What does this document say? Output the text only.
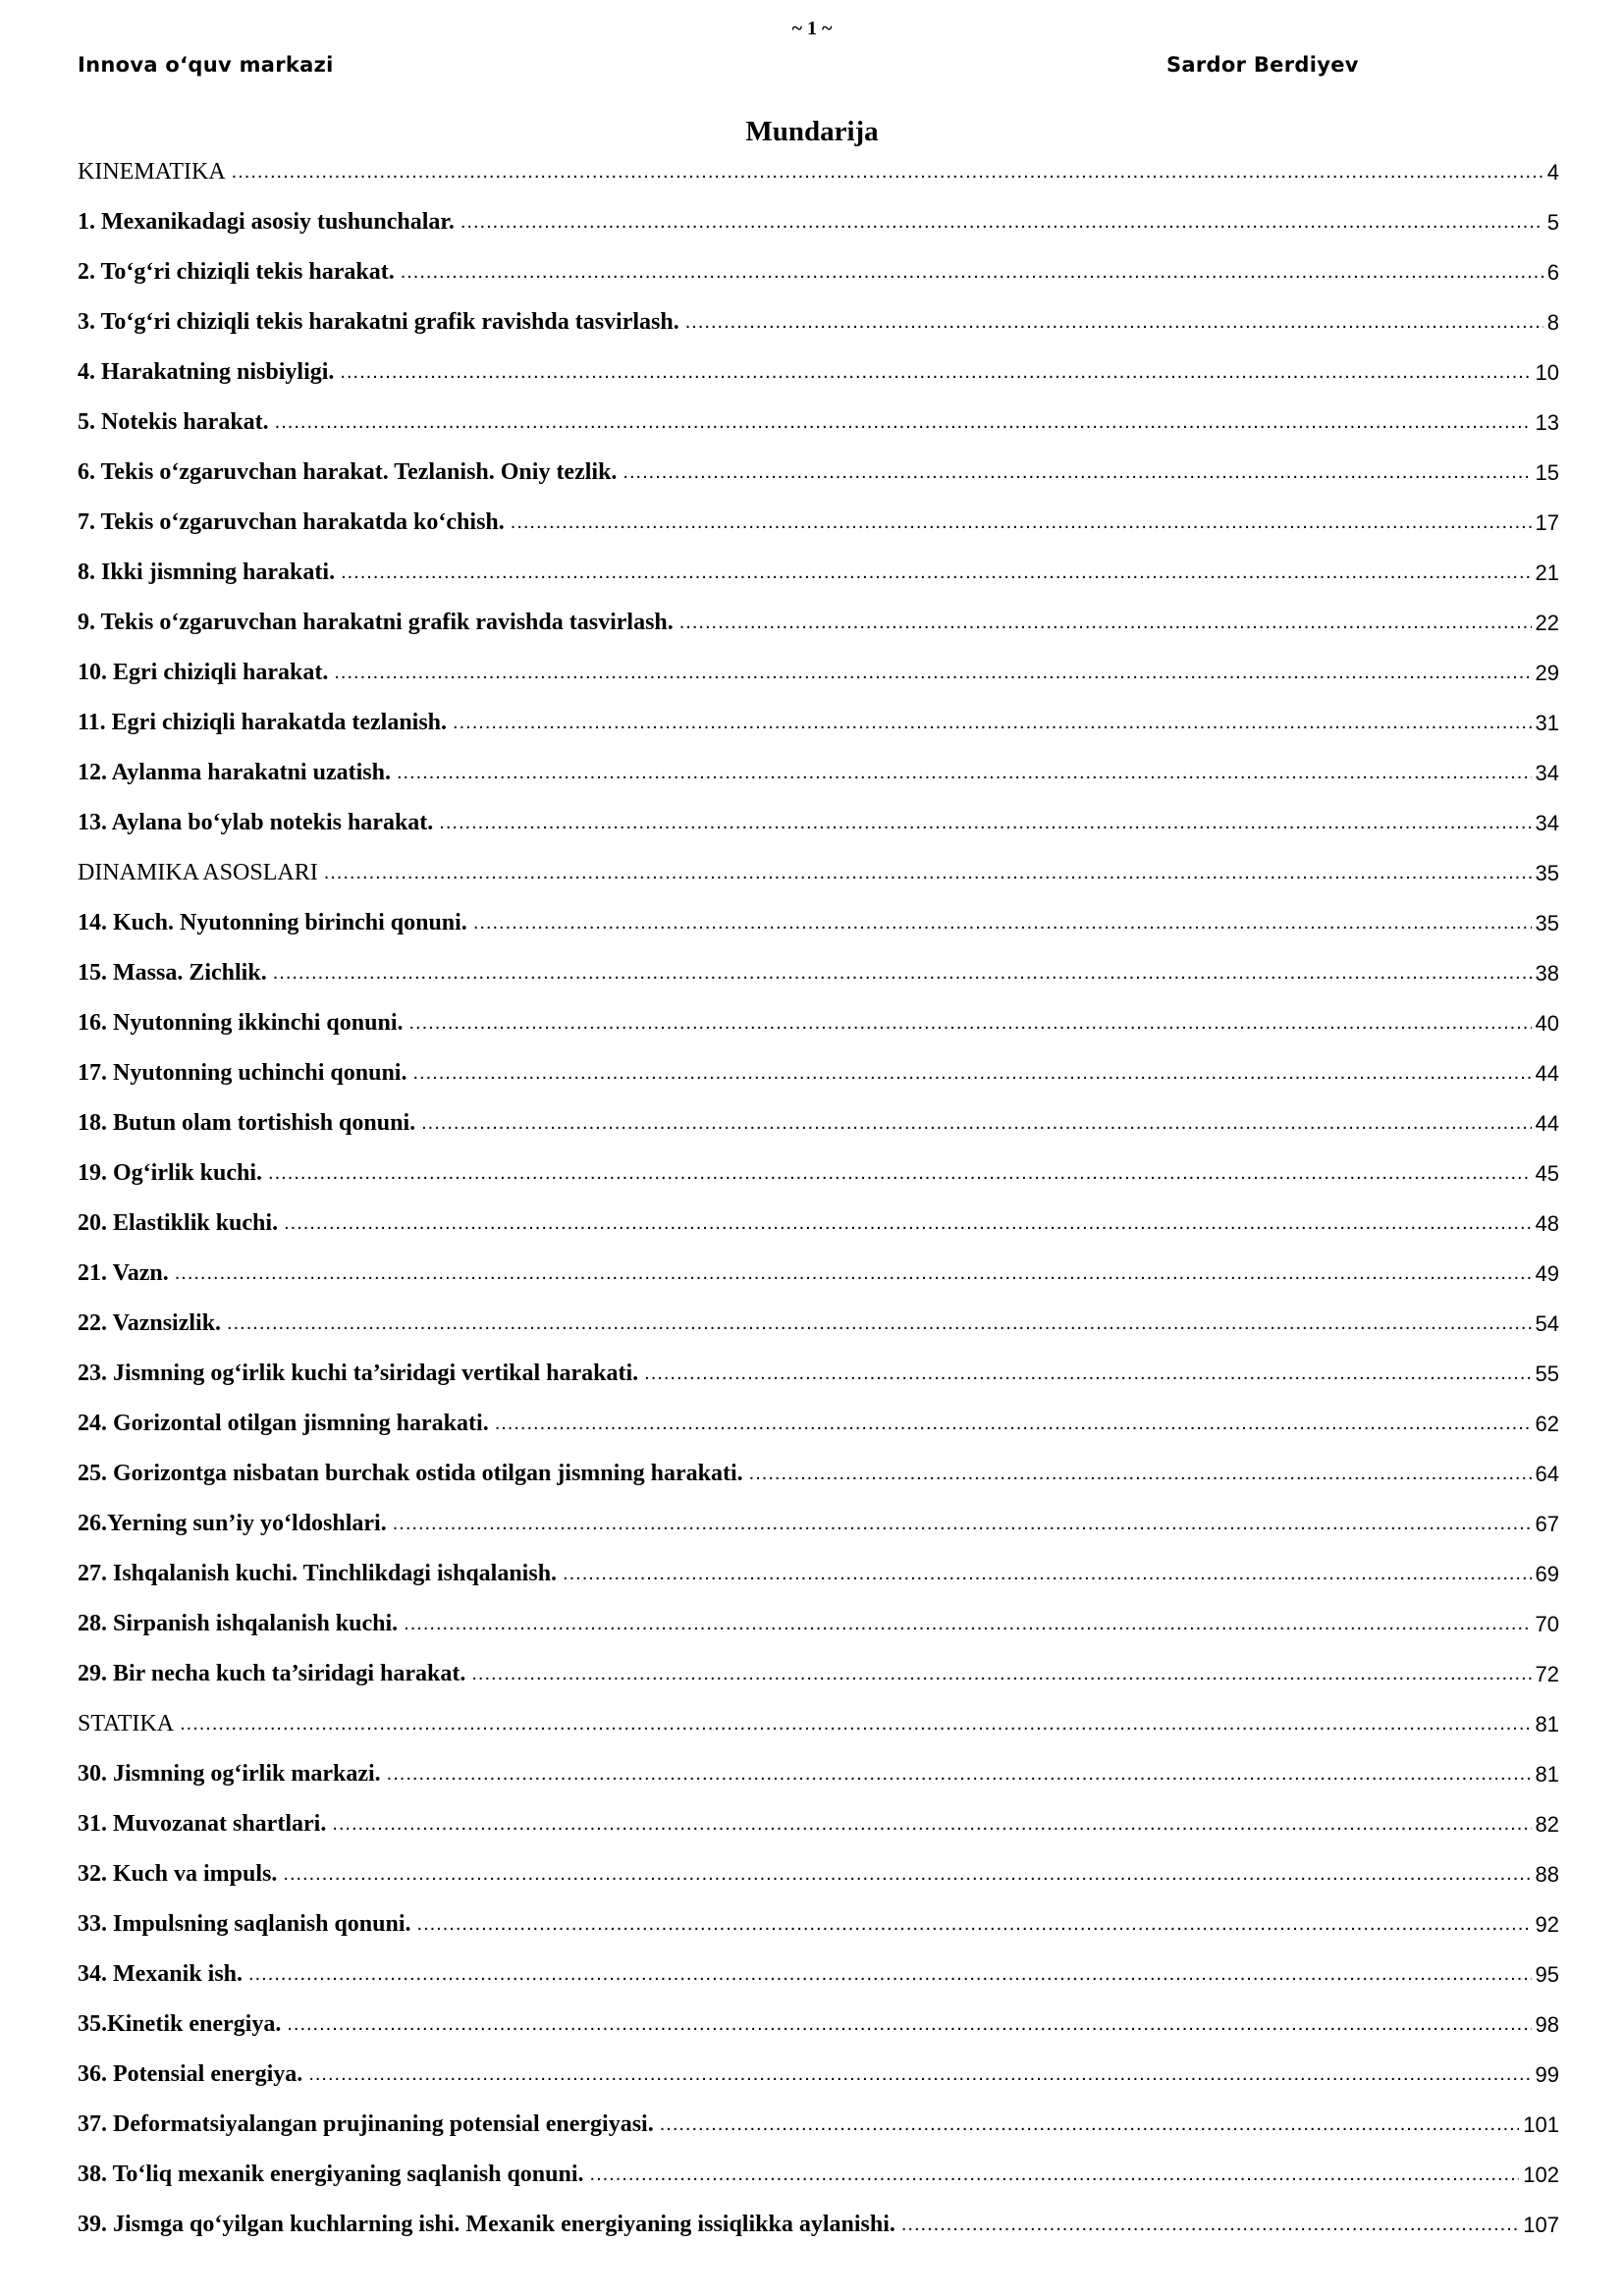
~ 1 ~
Innova o‘quv markazi	Sardor Berdiyev
Mundarija
KINEMATIKA .....	4
1. Mexanikadagi asosiy tushunchalar. .....	5
2. To‘g‘ri chiziqli tekis harakat. .....	6
3. To‘g‘ri chiziqli tekis harakatni grafik ravishda tasvirlash. .....	8
4. Harakatning nisbiyligi. .....	10
5. Notekis harakat. .....	13
6. Tekis o‘zgaruvchan harakat. Tezlanish. Oniy tezlik. .....	15
7. Tekis o‘zgaruvchan harakatda ko‘chish. .....	17
8. Ikki jismning harakati. .....	21
9. Tekis o‘zgaruvchan harakatni grafik ravishda tasvirlash. .....	22
10. Egri chiziqli harakat. .....	29
11. Egri chiziqli harakatda tezlanish. .....	31
12. Aylanma harakatni uzatish. .....	34
13. Aylana bo‘ylab notekis harakat. .....	34
DINAMIKA ASOSLARI .....	35
14. Kuch. Nyutonning birinchi qonuni. .....	35
15. Massa. Zichlik. .....	38
16. Nyutonning ikkinchi qonuni. .....	40
17. Nyutonning uchinchi qonuni. .....	44
18. Butun olam tortishish qonuni. .....	44
19. Og‘irlik kuchi. .....	45
20. Elastiklik kuchi. .....	48
21. Vazn. .....	49
22. Vaznsizlik. .....	54
23. Jismning og‘irlik kuchi ta’siridagi vertikal harakati. .....	55
24. Gorizontal otilgan jismning harakati. .....	62
25. Gorizontga nisbatan burchak ostida otilgan jismning harakati. .....	64
26.Yerning sun’iy yo‘ldoshlari. .....	67
27. Ishqalanish kuchi. Tinchlikdagi ishqalanish. .....	69
28. Sirpanish ishqalanish kuchi. .....	70
29. Bir necha kuch ta’siridagi harakat. .....	72
STATIKA .....	81
30. Jismning og‘irlik markazi. .....	81
31. Muvozanat shartlari. .....	82
32. Kuch va impuls. .....	88
33. Impulsning saqlanish qonuni. .....	92
34. Mexanik ish. .....	95
35.Kinetik energiya. .....	98
36. Potensial energiya. .....	99
37. Deformatsiyalangan prujinaning potensial energiyasi. .....	101
38. To‘liq mexanik energiyaning saqlanish qonuni. .....	102
39. Jismga qo‘yilgan kuchlarning ishi. Mexanik energiyaning issiqlikka aylanishi. .....	107
